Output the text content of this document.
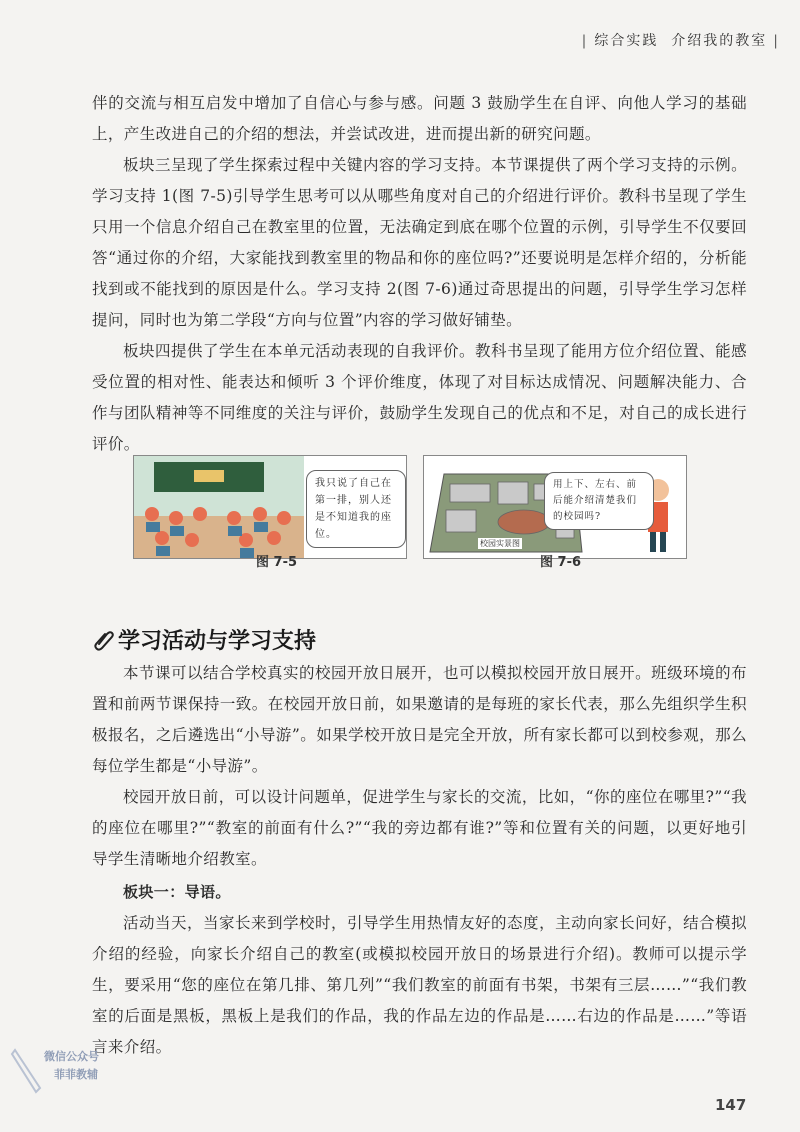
| 综合实践 介绍我的教室 |

伴的交流与相互启发中增加了自信心与参与感。问题 3 鼓励学生在自评、向他人学习的基础上，产生改进自己的介绍的想法，并尝试改进，进而提出新的研究问题。

板块三呈现了学生探索过程中关键内容的学习支持。本节课提供了两个学习支持的示例。学习支持 1(图 7-5)引导学生思考可以从哪些角度对自己的介绍进行评价。教科书呈现了学生只用一个信息介绍自己在教室里的位置，无法确定到底在哪个位置的示例，引导学生不仅要回答“通过你的介绍，大家能找到教室里的物品和你的座位吗?”还要说明是怎样介绍的，分析能找到或不能找到的原因是什么。学习支持 2(图 7-6)通过奇思提出的问题，引导学生学习怎样提问，同时也为第二学段“方向与位置”内容的学习做好铺垫。

板块四提供了学生在本单元活动表现的自我评价。教科书呈现了能用方位介绍位置、能感受位置的相对性、能表达和倾听 3 个评价维度，体现了对目标达成情况、问题解决能力、合作与团队精神等不同维度的关注与评价，鼓励学生发现自己的优点和不足，对自己的成长进行评价。

我只说了自己在第一排，别人还是不知道我的座位。
校园实景图
用上下、左右、前后能介绍清楚我们的校园吗?
图 7-5	图 7-6
学习活动与学习支持

本节课可以结合学校真实的校园开放日展开，也可以模拟校园开放日展开。班级环境的布置和前两节课保持一致。在校园开放日前，如果邀请的是每班的家长代表，那么先组织学生积极报名，之后遴选出“小导游”。如果学校开放日是完全开放，所有家长都可以到校参观，那么每位学生都是“小导游”。

校园开放日前，可以设计问题单，促进学生与家长的交流，比如，“你的座位在哪里?”“我的座位在哪里?”“教室的前面有什么?”“我的旁边都有谁?”等和位置有关的问题，以更好地引导学生清晰地介绍教室。

板块一：导语。

活动当天，当家长来到学校时，引导学生用热情友好的态度，主动向家长问好，结合模拟介绍的经验，向家长介绍自己的教室(或模拟校园开放日的场景进行介绍)。教师可以提示学生，要采用“您的座位在第几排、第几列”“我们教室的前面有书架，书架有三层……”“我们教室的后面是黑板，黑板上是我们的作品，我的作品左边的作品是……右边的作品是……”等语言来介绍。

微信公众号
菲菲教辅
147
